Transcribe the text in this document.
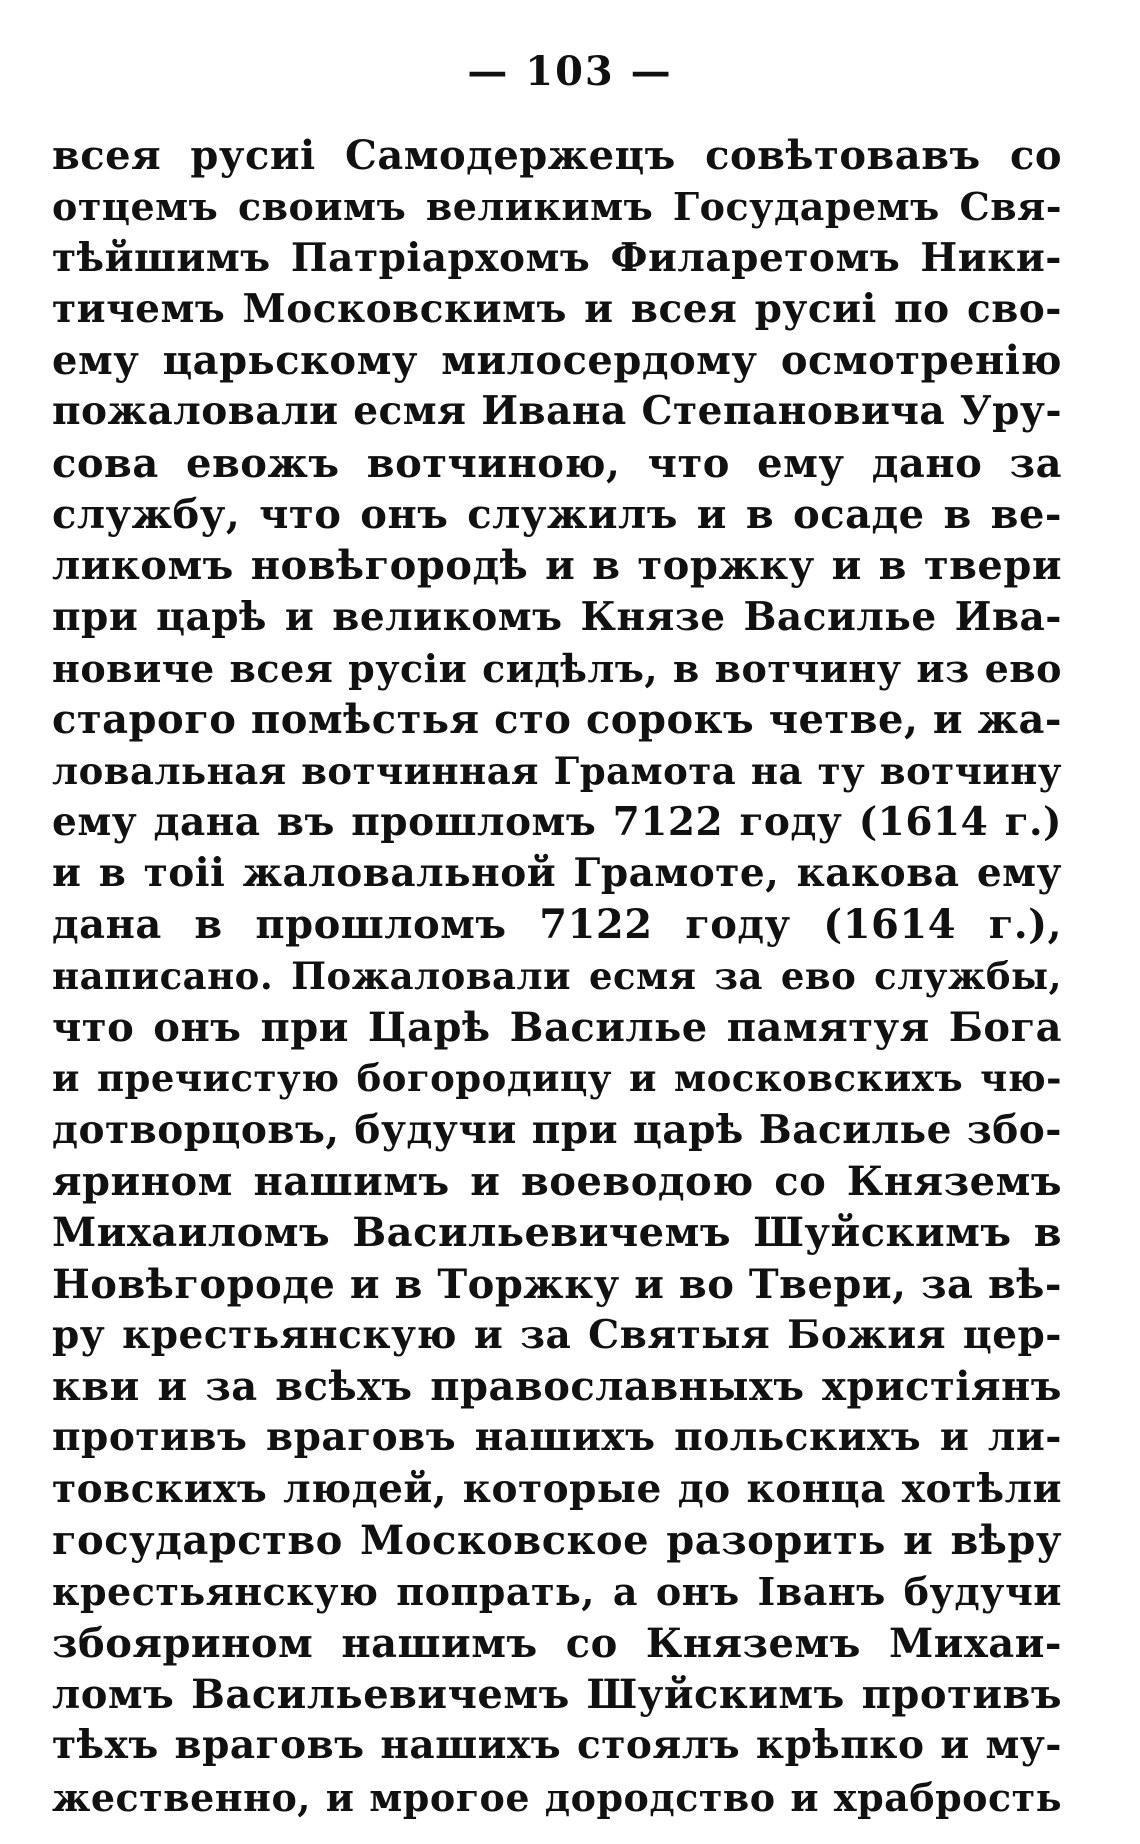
— 103 —
всея русиi Самодержецъ совѣтовавъ со
отцемъ своимъ великимъ Государемъ Свя-
тѣйшимъ Патрiархомъ Филаретомъ Ники-
тичемъ Московскимъ и всея русиi по сво-
ему царьскому милосердому осмотренiю
пожаловали есмя Ивана Степановича Уру-
сова евожъ вотчиною, что ему дано за
службу, что онъ служилъ и в осаде в ве-
ликомъ новѣгородѣ и в торжку и в твери
при царѣ и великомъ Князе Василье Ива-
новиче всея русiи сидѣлъ, в вотчину из ево
старого помѣстья сто сорокъ четве, и жа-
ловальная вотчинная Грамота на ту вотчину
ему дана въ прошломъ 7122 году (1614 г.)
и в тоii жаловальной Грамоте, какова ему
дана в прошломъ 7122 году (1614 г.),
написано. Пожаловали есмя за ево службы,
что онъ при Царѣ Василье памятуя Бога
и пречистую богородицу и московскихъ чю-
дотворцовъ, будучи при царѣ Василье збо-
ярином нашимъ и воеводою со Княземъ
Михаиломъ Васильевичемъ Шуйскимъ в
Новѣгороде и в Торжку и во Твери, за вѣ-
ру крестьянскую и за Святыя Божия цер-
кви и за всѣхъ православныхъ христiянъ
противъ враговъ нашихъ польскихъ и ли-
товскихъ людей, которые до конца хотѣли
государство Московское разорить и вѣру
крестьянскую попрать, а онъ Iванъ будучи
збоярином нашимъ со Княземъ Михаи-
ломъ Васильевичемъ Шуйскимъ противъ
тѣхъ враговъ нашихъ стоялъ крѣпко и му-
жественно, и мрогое дородство и храбрость
